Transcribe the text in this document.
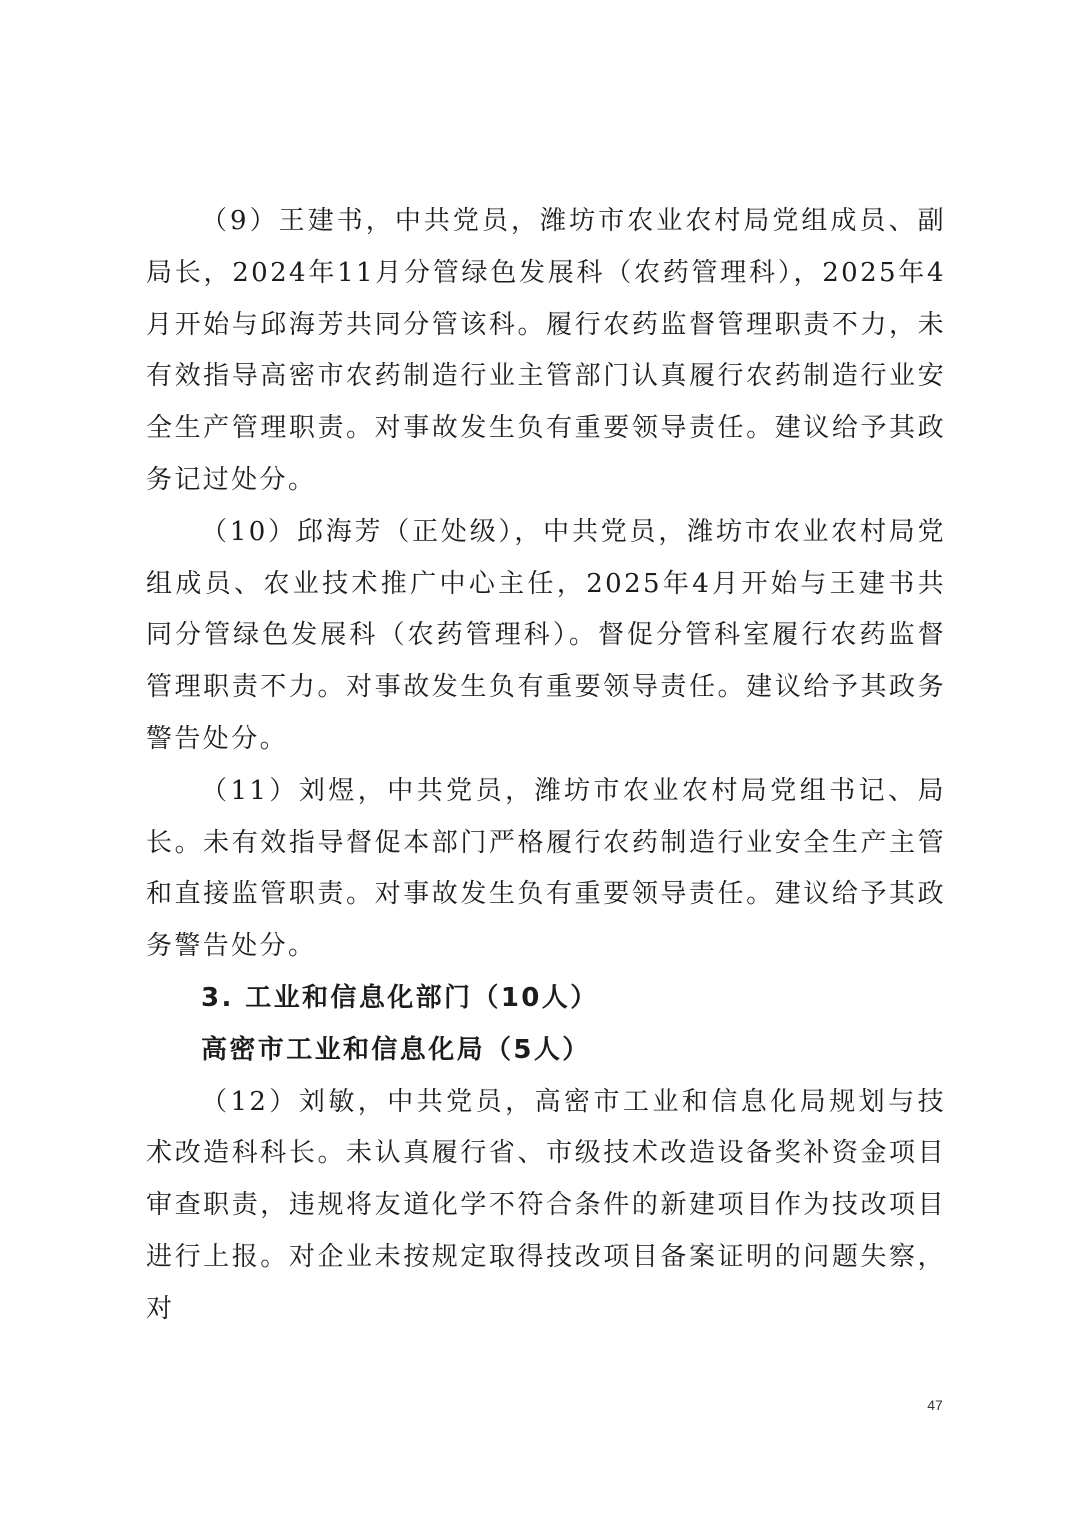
（9）王建书，中共党员，潍坊市农业农村局党组成员、副局长，2024年11月分管绿色发展科（农药管理科），2025年4月开始与邱海芳共同分管该科。履行农药监督管理职责不力，未有效指导高密市农药制造行业主管部门认真履行农药制造行业安全生产管理职责。对事故发生负有重要领导责任。建议给予其政务记过处分。

（10）邱海芳（正处级），中共党员，潍坊市农业农村局党组成员、农业技术推广中心主任，2025年4月开始与王建书共同分管绿色发展科（农药管理科）。督促分管科室履行农药监督管理职责不力。对事故发生负有重要领导责任。建议给予其政务警告处分。

（11）刘煜，中共党员，潍坊市农业农村局党组书记、局长。未有效指导督促本部门严格履行农药制造行业安全生产主管和直接监管职责。对事故发生负有重要领导责任。建议给予其政务警告处分。

3. 工业和信息化部门（10人）

高密市工业和信息化局（5人）

（12）刘敏，中共党员，高密市工业和信息化局规划与技术改造科科长。未认真履行省、市级技术改造设备奖补资金项目审查职责，违规将友道化学不符合条件的新建项目作为技改项目进行上报。对企业未按规定取得技改项目备案证明的问题失察，对

47
